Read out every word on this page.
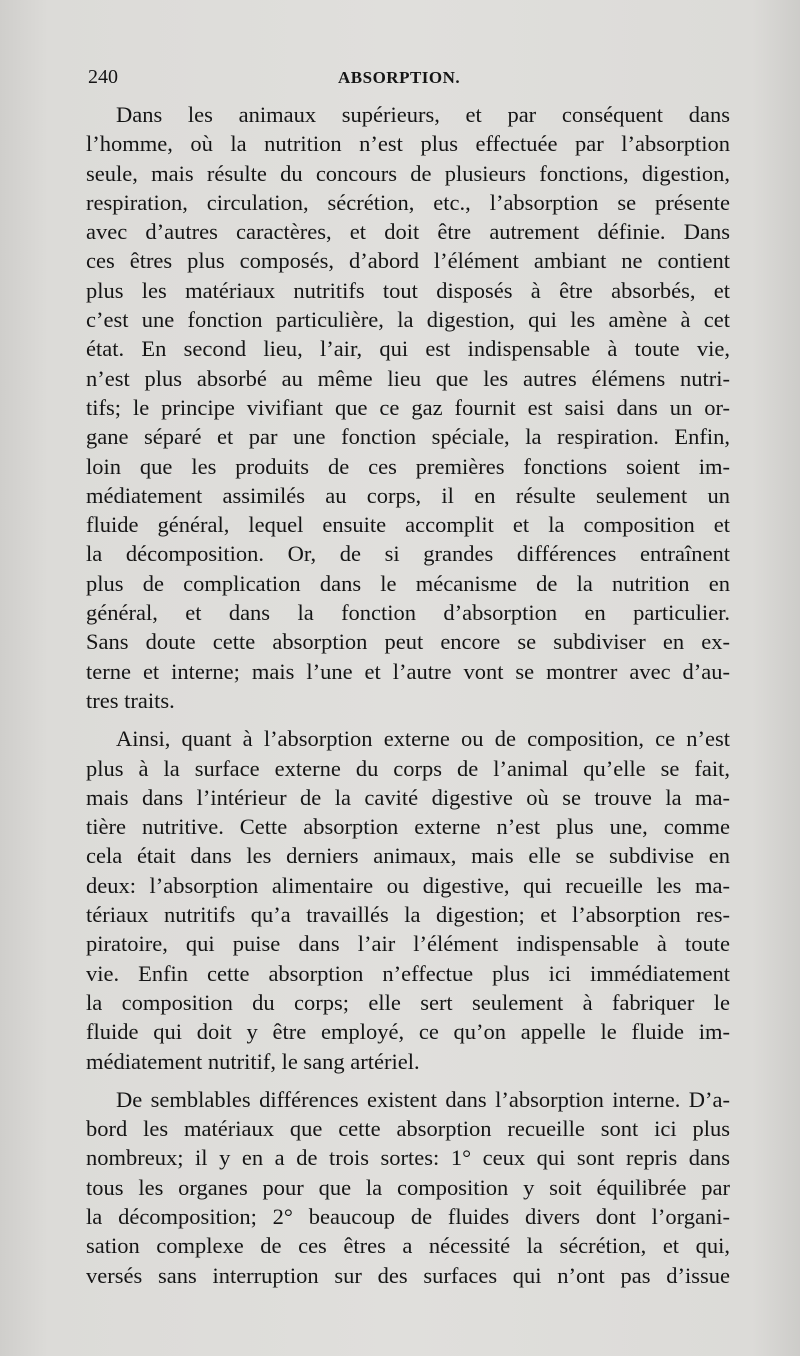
240	ABSORPTION.
Dans les animaux supérieurs, et par conséquent dans
l’homme, où la nutrition n’est plus effectuée par l’absorption
seule, mais résulte du concours de plusieurs fonctions, digestion,
respiration, circulation, sécrétion, etc., l’absorption se présente
avec d’autres caractères, et doit être autrement définie. Dans
ces êtres plus composés, d’abord l’élément ambiant ne contient
plus les matériaux nutritifs tout disposés à être absorbés, et
c’est une fonction particulière, la digestion, qui les amène à cet
état. En second lieu, l’air, qui est indispensable à toute vie,
n’est plus absorbé au même lieu que les autres élémens nutri-
tifs; le principe vivifiant que ce gaz fournit est saisi dans un or-
gane séparé et par une fonction spéciale, la respiration. Enfin,
loin que les produits de ces premières fonctions soient im-
médiatement assimilés au corps, il en résulte seulement un
fluide général, lequel ensuite accomplit et la composition et
la décomposition. Or, de si grandes différences entraînent
plus de complication dans le mécanisme de la nutrition en
général, et dans la fonction d’absorption en particulier.
Sans doute cette absorption peut encore se subdiviser en ex-
terne et interne; mais l’une et l’autre vont se montrer avec d’au-
tres traits.
Ainsi, quant à l’absorption externe ou de composition, ce n’est
plus à la surface externe du corps de l’animal qu’elle se fait,
mais dans l’intérieur de la cavité digestive où se trouve la ma-
tière nutritive. Cette absorption externe n’est plus une, comme
cela était dans les derniers animaux, mais elle se subdivise en
deux: l’absorption alimentaire ou digestive, qui recueille les ma-
tériaux nutritifs qu’a travaillés la digestion; et l’absorption res-
piratoire, qui puise dans l’air l’élément indispensable à toute
vie. Enfin cette absorption n’effectue plus ici immédiatement
la composition du corps; elle sert seulement à fabriquer le
fluide qui doit y être employé, ce qu’on appelle le fluide im-
médiatement nutritif, le sang artériel.
De semblables différences existent dans l’absorption interne. D’a-
bord les matériaux que cette absorption recueille sont ici plus
nombreux; il y en a de trois sortes: 1° ceux qui sont repris dans
tous les organes pour que la composition y soit équilibrée par
la décomposition; 2° beaucoup de fluides divers dont l’organi-
sation complexe de ces êtres a nécessité la sécrétion, et qui,
versés sans interruption sur des surfaces qui n’ont pas d’issue
